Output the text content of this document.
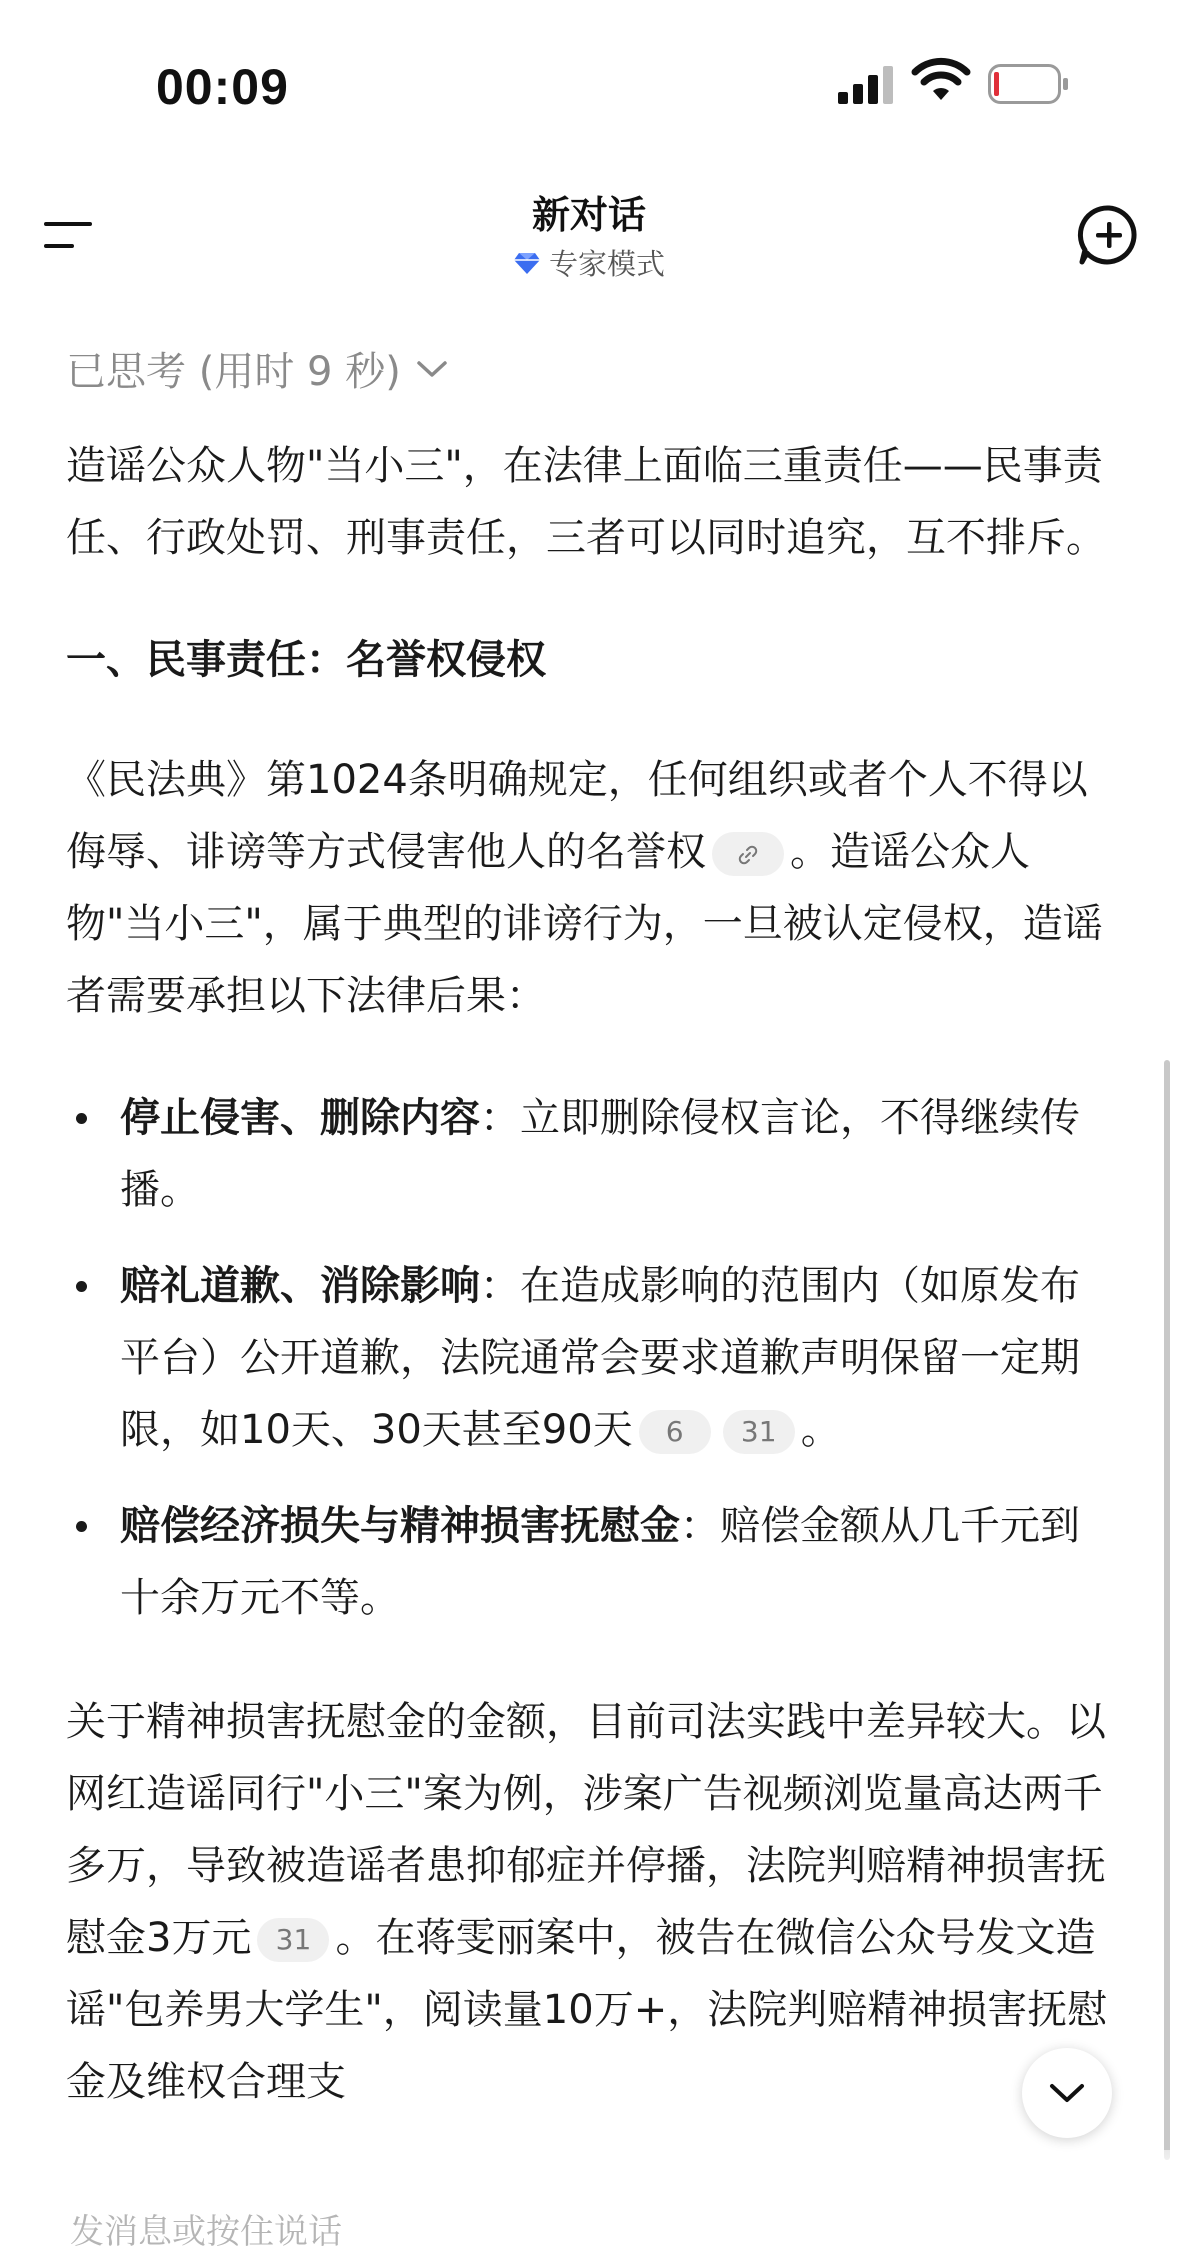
00:09
新对话
专家模式
已思考 (用时 9 秒)

造谣公众人物"当小三"，在法律上面临三重责任——民事责任、行政处罚、刑事责任，三者可以同时追究，互不排斥。

一、民事责任：名誉权侵权

《民法典》第1024条明确规定，任何组织或者个人不得以侮辱、诽谤等方式侵害他人的名誉权 。造谣公众人物"当小三"，属于典型的诽谤行为，一旦被认定侵权，造谣者需要承担以下法律后果：

停止侵害、删除内容：立即删除侵权言论，不得继续传播。
赔礼道歉、消除影响：在造成影响的范围内（如原发布平台）公开道歉，法院通常会要求道歉声明保留一定期限，如10天、30天甚至90天 6 31 。
赔偿经济损失与精神损害抚慰金：赔偿金额从几千元到十余万元不等。

关于精神损害抚慰金的金额，目前司法实践中差异较大。以网红造谣同行"小三"案为例，涉案广告视频浏览量高达两千多万，导致被造谣者患抑郁症并停播，法院判赔精神损害抚慰金3万元 31 。在蒋雯丽案中，被告在微信公众号发文造谣"包养男大学生"，阅读量10万+，法院判赔精神损害抚慰金及维权合理支

发消息或按住说话
